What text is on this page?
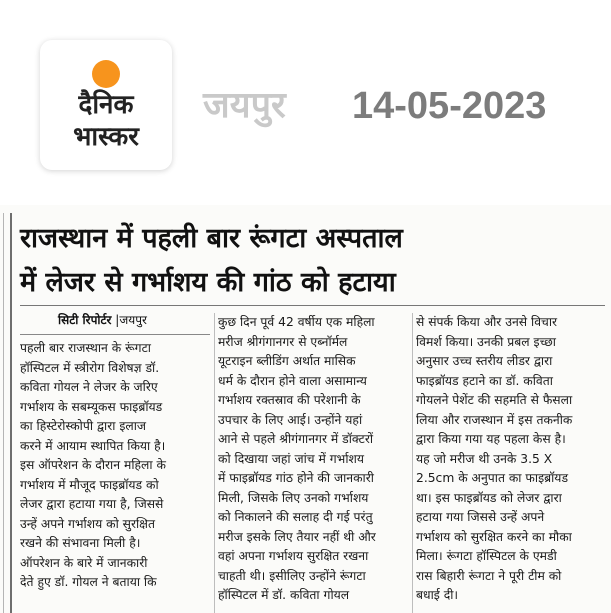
दैनिक
भास्कर
जयपुर 14-05-2023
राजस्थान में पहली बार रूंगटा अस्पताल
में लेजर से गर्भाशय की गांठ को हटाया
सिटी रिपोर्टर |जयपुर
पहली बार राजस्थान के रूंगटा
हॉस्पिटल में स्त्रीरोग विशेषज्ञ डॉ.
कविता गोयल ने लेजर के जरिए
गर्भाशय के सबम्यूकस फाइब्रॉयड
का हिस्टेरोस्कोपी द्वारा इलाज
करने में आयाम स्थापित किया है।
इस ऑपरेशन के दौरान महिला के
गर्भाशय में मौजूद फाइब्रॉयड को
लेजर द्वारा हटाया गया है, जिससे
उन्हें अपने गर्भाशय को सुरक्षित
रखने की संभावना मिली है।
ऑपरेशन के बारे में जानकारी
देते हुए डॉ. गोयल ने बताया कि
कुछ दिन पूर्व 42 वर्षीय एक महिला
मरीज श्रीगंगानगर से एब्नॉर्मल
यूटराइन ब्लीडिंग अर्थात मासिक
धर्म के दौरान होने वाला असामान्य
गर्भाशय रक्तस्राव की परेशानी के
उपचार के लिए आई। उन्होंने यहां
आने से पहले श्रीगंगानगर में डॉक्टरों
को दिखाया जहां जांच में गर्भाशय
में फाइब्रॉयड गांठ होने की जानकारी
मिली, जिसके लिए उनको गर्भाशय
को निकालने की सलाह दी गई परंतु
मरीज इसके लिए तैयार नहीं थी और
वहां अपना गर्भाशय सुरक्षित रखना
चाहती थी। इसीलिए उन्होंने रूंगटा
हॉस्पिटल में डॉ. कविता गोयल
से संपर्क किया और उनसे विचार
विमर्श किया। उनकी प्रबल इच्छा
अनुसार उच्च स्तरीय लीडर द्वारा
फाइब्रॉयड हटाने का डॉ. कविता
गोयलने पेशेंट की सहमति से फैसला
लिया और राजस्थान में इस तकनीक
द्वारा किया गया यह पहला केस है।
यह जो मरीज थी उनके 3.5 X
2.5cm के अनुपात का फाइब्रॉयड
था। इस फाइब्रॉयड को लेजर द्वारा
हटाया गया जिससे उन्हें अपने
गर्भाशय को सुरक्षित करने का मौका
मिला। रूंगटा हॉस्पिटल के एमडी
रास बिहारी रूंगटा ने पूरी टीम को
बधाई दी।
